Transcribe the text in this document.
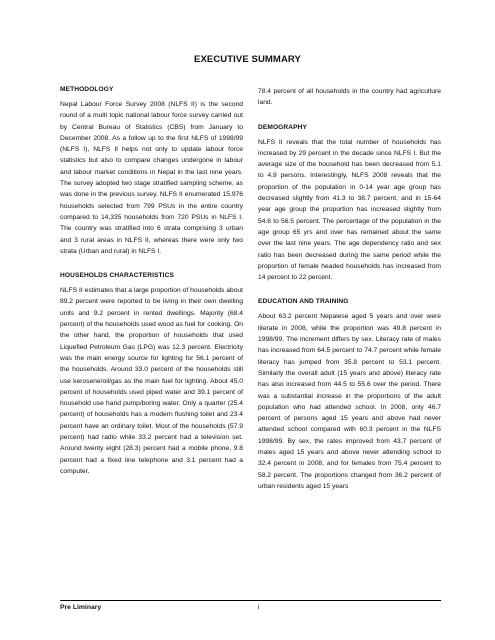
EXECUTIVE SUMMARY
METHODOLOGY

Nepal Labour Force Survey 2008 (NLFS II) is the second round of a multi topic national labour force survey carried out by Central Bureau of Statistics (CBS) from January to December 2008. As a follow up to the first NLFS of 1998/99 (NLFS I), NLFS II helps not only to update labour force statistics but also to compare changes undergone in labour and labour market conditions in Nepal in the last nine years. The survey adopted two stage stratified sampling scheme, as was done in the previous survey. NLFS II enumerated 15,976 households selected from 799 PSUs in the entire country compared to 14,335 households from 720 PSUs in NLFS I. The country was stratified into 6 strata comprising 3 urban and 3 rural areas in NLFS II, whereas there were only two strata (Urban and rural) in NLFS I.

HOUSEHOLDS CHARACTERISTICS

NLFS II estimates that a large proportion of households about 89.2 percent were reported to be living in their own dwelling units and 9.2 percent in rented dwellings. Majority (68.4 percent) of the households used wood as fuel for cooking. On the other hand, the proportion of households that used Liquefied Petroleum Gas (LPG) was 12.3 percent. Electricity was the main energy source for lighting for 56.1 percent of the households. Around 33.0 percent of the households still use kerosene/oil/gas as the main fuel for lighting. About 45.0 percent of households used piped water and 39.1 percent of household use hand pump/boring water. Only a quarter (25.4 percent) of households has a modern flushing toilet and 23.4 percent have an ordinary toilet. Most of the households (57.9 percent) had radio while 33.2 percent had a television set. Around twenty eight (28.3) percent had a mobile phone, 9.8 percent had a fixed line telephone and 3.1 percent had a computer.

78.4 percent of all households in the country had agriculture land.

DEMOGRAPHY

NLFS II reveals that the total number of households has increased by 29 percent in the decade since NLFS I. But the average size of the household has been decreased from 5.1 to 4.9 persons. Interestingly, NLFS 2008 reveals that the proportion of the population in 0-14 year age group has decreased slightly from 41.3 to 38.7 percent, and in 15-64 year age group the proportion has increased slightly from 54.6 to 56.5 percent. The percentage of the population in the age group 65 yrs and over has remained about the same over the last nine years. The age dependency ratio and sex ratio has been decreased during the same period while the proportion of female headed households has increased from 14 percent to 22 percent.

EDUCATION AND TRAINING

About 63.2 percent Nepalese aged 5 years and over were literate in 2008, while the proportion was 49.8 percent in 1998/99. The increment differs by sex. Literacy rate of males has increased from 64.5 percent to 74.7 percent while female literacy has jumped from 35.8 percent to 53.1 percent. Similarly the overall adult (15 years and above) literacy rate has also increased from 44.5 to 55.6 over the period. There was a substantial increase in the proportions of the adult population who had attended school. In 2008, only 46.7 percent of persons aged 15 years and above had never attended school compared with 60.3 percent in the NLFS 1998/99. By sex, the rates improved from 43.7 percent of males aged 15 years and above never attending school to 32.4 percent in 2008, and for females from 75.4 percent to 58.2 percent. The proportions changed from 36.2 percent of urban residents aged 15 years

Pre Liminary	i
